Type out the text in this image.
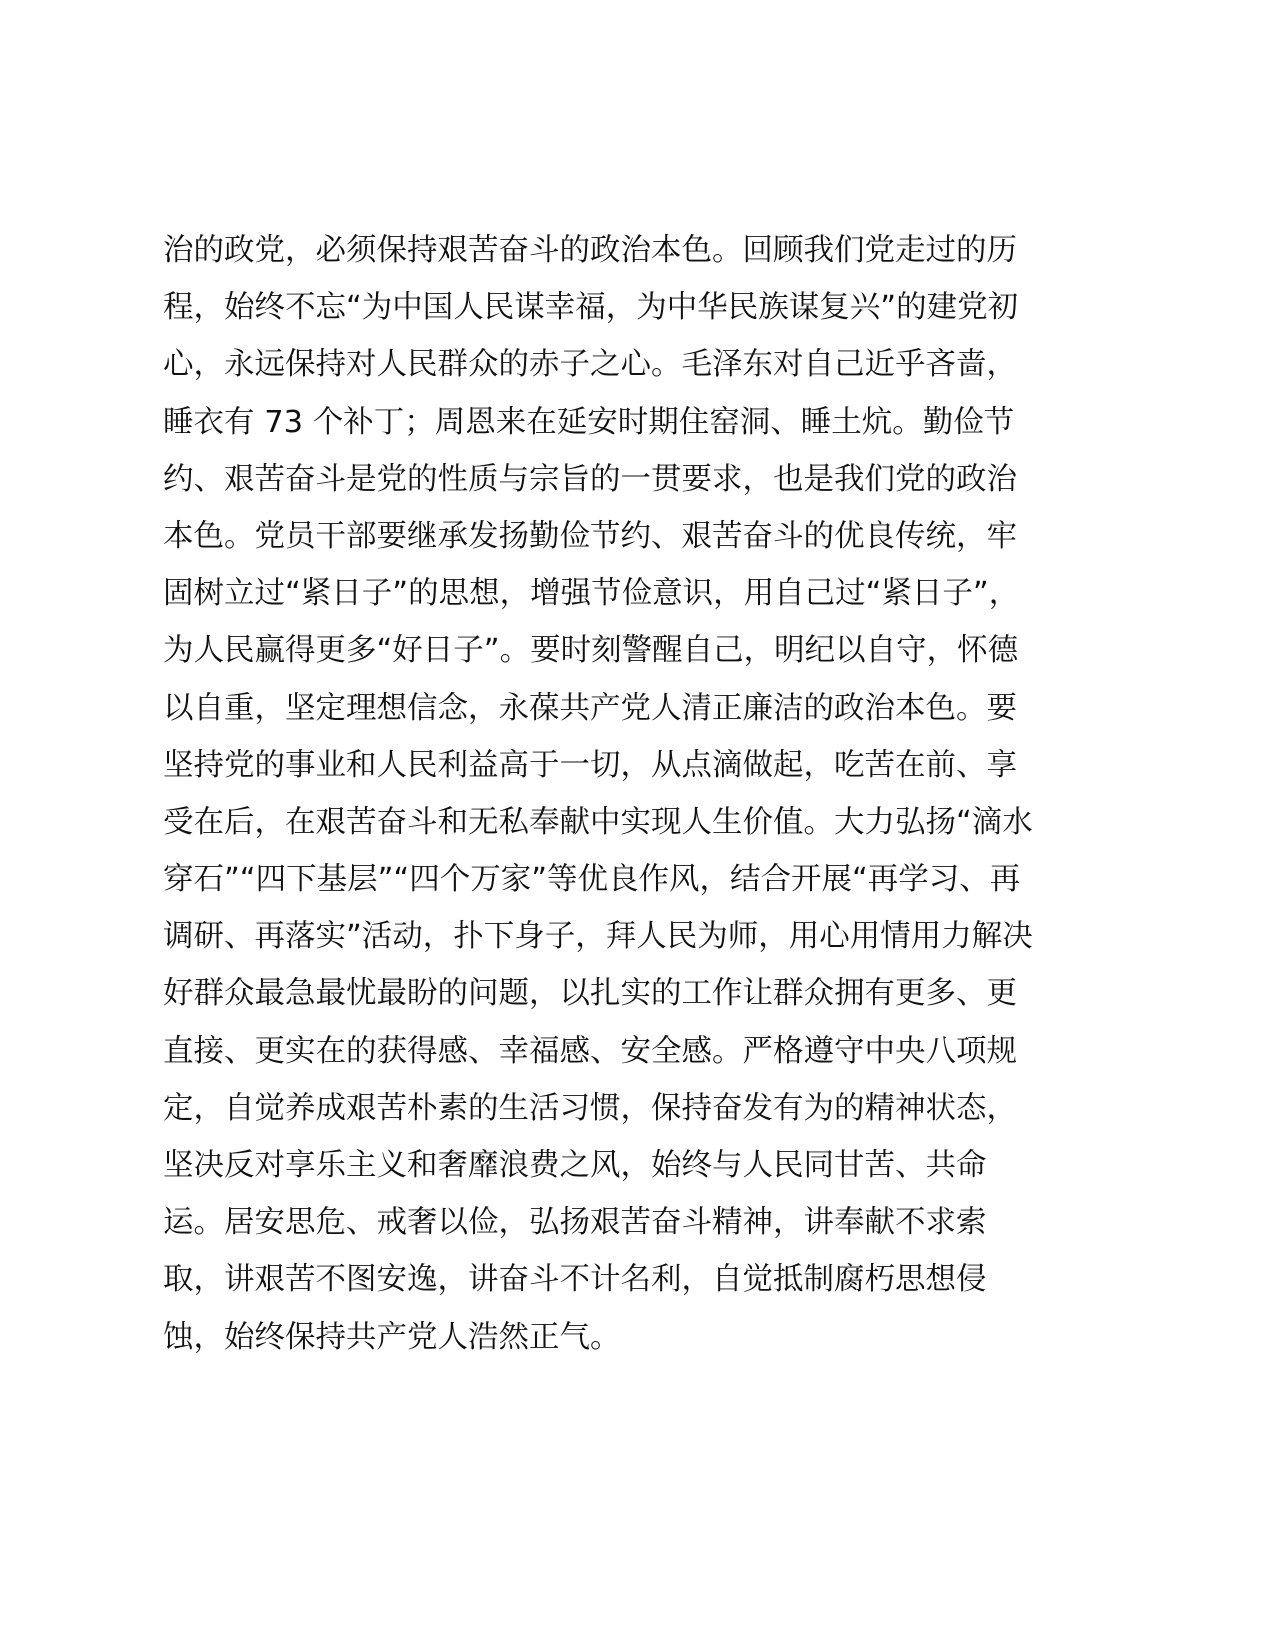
治的政党，必须保持艰苦奋斗的政治本色。回顾我们党走过的历
程，始终不忘“为中国人民谋幸福，为中华民族谋复兴”的建党初
心，永远保持对人民群众的赤子之心。毛泽东对自己近乎吝啬，
睡衣有 73 个补丁；周恩来在延安时期住窑洞、睡土炕。勤俭节
约、艰苦奋斗是党的性质与宗旨的一贯要求，也是我们党的政治
本色。党员干部要继承发扬勤俭节约、艰苦奋斗的优良传统，牢
固树立过“紧日子”的思想，增强节俭意识，用自己过“紧日子”，
为人民赢得更多“好日子”。要时刻警醒自己，明纪以自守，怀德
以自重，坚定理想信念，永葆共产党人清正廉洁的政治本色。要
坚持党的事业和人民利益高于一切，从点滴做起，吃苦在前、享
受在后，在艰苦奋斗和无私奉献中实现人生价值。大力弘扬“滴水
穿石”“四下基层”“四个万家”等优良作风，结合开展“再学习、再
调研、再落实”活动，扑下身子，拜人民为师，用心用情用力解决
好群众最急最忧最盼的问题，以扎实的工作让群众拥有更多、更
直接、更实在的获得感、幸福感、安全感。严格遵守中央八项规
定，自觉养成艰苦朴素的生活习惯，保持奋发有为的精神状态，
坚决反对享乐主义和奢靡浪费之风，始终与人民同甘苦、共命
运。居安思危、戒奢以俭，弘扬艰苦奋斗精神，讲奉献不求索
取，讲艰苦不图安逸，讲奋斗不计名利，自觉抵制腐朽思想侵
蚀，始终保持共产党人浩然正气。
